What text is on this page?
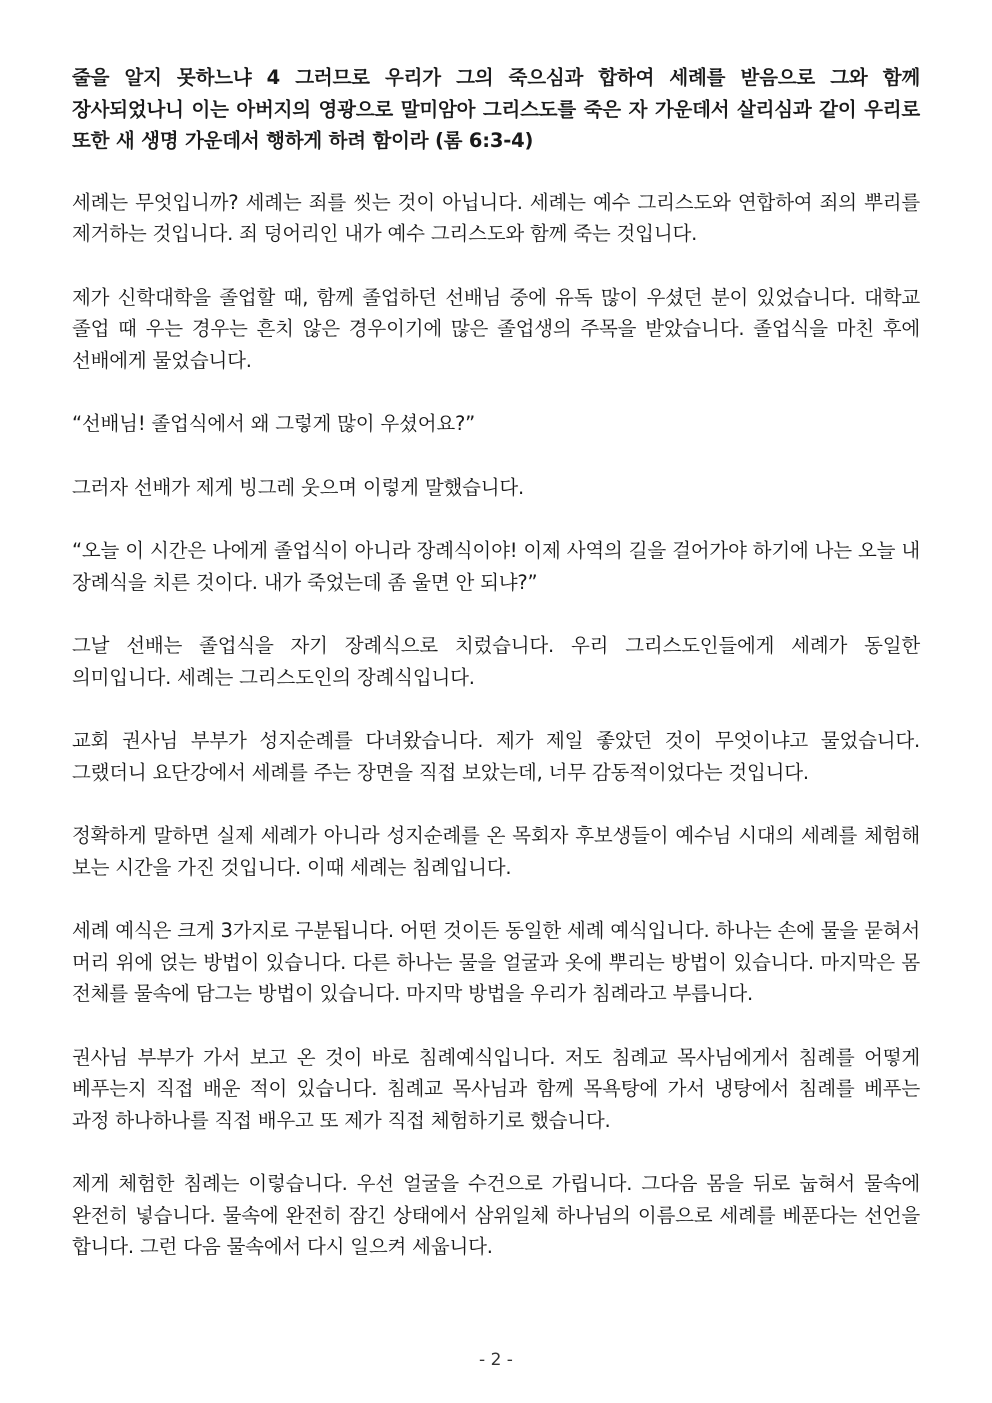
줄을 알지 못하느냐 4 그러므로 우리가 그의 죽으심과 합하여 세례를 받음으로 그와 함께 장사되었나니 이는 아버지의 영광으로 말미암아 그리스도를 죽은 자 가운데서 살리심과 같이 우리로 또한 새 생명 가운데서 행하게 하려 함이라 (롬 6:3-4)

세례는 무엇입니까? 세례는 죄를 씻는 것이 아닙니다. 세례는 예수 그리스도와 연합하여 죄의 뿌리를 제거하는 것입니다. 죄 덩어리인 내가 예수 그리스도와 함께 죽는 것입니다.

제가 신학대학을 졸업할 때, 함께 졸업하던 선배님 중에 유독 많이 우셨던 분이 있었습니다. 대학교 졸업 때 우는 경우는 흔치 않은 경우이기에 많은 졸업생의 주목을 받았습니다. 졸업식을 마친 후에 선배에게 물었습니다.

“선배님! 졸업식에서 왜 그렇게 많이 우셨어요?”

그러자 선배가 제게 빙그레 웃으며 이렇게 말했습니다.

“오늘 이 시간은 나에게 졸업식이 아니라 장례식이야! 이제 사역의 길을 걸어가야 하기에 나는 오늘 내 장례식을 치른 것이다. 내가 죽었는데 좀 울면 안 되냐?”

그날 선배는 졸업식을 자기 장례식으로 치렀습니다. 우리 그리스도인들에게 세례가 동일한 의미입니다. 세례는 그리스도인의 장례식입니다.

교회 권사님 부부가 성지순례를 다녀왔습니다. 제가 제일 좋았던 것이 무엇이냐고 물었습니다. 그랬더니 요단강에서 세례를 주는 장면을 직접 보았는데, 너무 감동적이었다는 것입니다.

정확하게 말하면 실제 세례가 아니라 성지순례를 온 목회자 후보생들이 예수님 시대의 세례를 체험해 보는 시간을 가진 것입니다. 이때 세례는 침례입니다.

세례 예식은 크게 3가지로 구분됩니다. 어떤 것이든 동일한 세례 예식입니다. 하나는 손에 물을 묻혀서 머리 위에 얹는 방법이 있습니다. 다른 하나는 물을 얼굴과 옷에 뿌리는 방법이 있습니다. 마지막은 몸 전체를 물속에 담그는 방법이 있습니다. 마지막 방법을 우리가 침례라고 부릅니다.

권사님 부부가 가서 보고 온 것이 바로 침례예식입니다. 저도 침례교 목사님에게서 침례를 어떻게 베푸는지 직접 배운 적이 있습니다. 침례교 목사님과 함께 목욕탕에 가서 냉탕에서 침례를 베푸는 과정 하나하나를 직접 배우고 또 제가 직접 체험하기로 했습니다.

제게 체험한 침례는 이렇습니다. 우선 얼굴을 수건으로 가립니다. 그다음 몸을 뒤로 눕혀서 물속에 완전히 넣습니다. 물속에 완전히 잠긴 상태에서 삼위일체 하나님의 이름으로 세례를 베푼다는 선언을 합니다. 그런 다음 물속에서 다시 일으켜 세웁니다.

- 2 -
